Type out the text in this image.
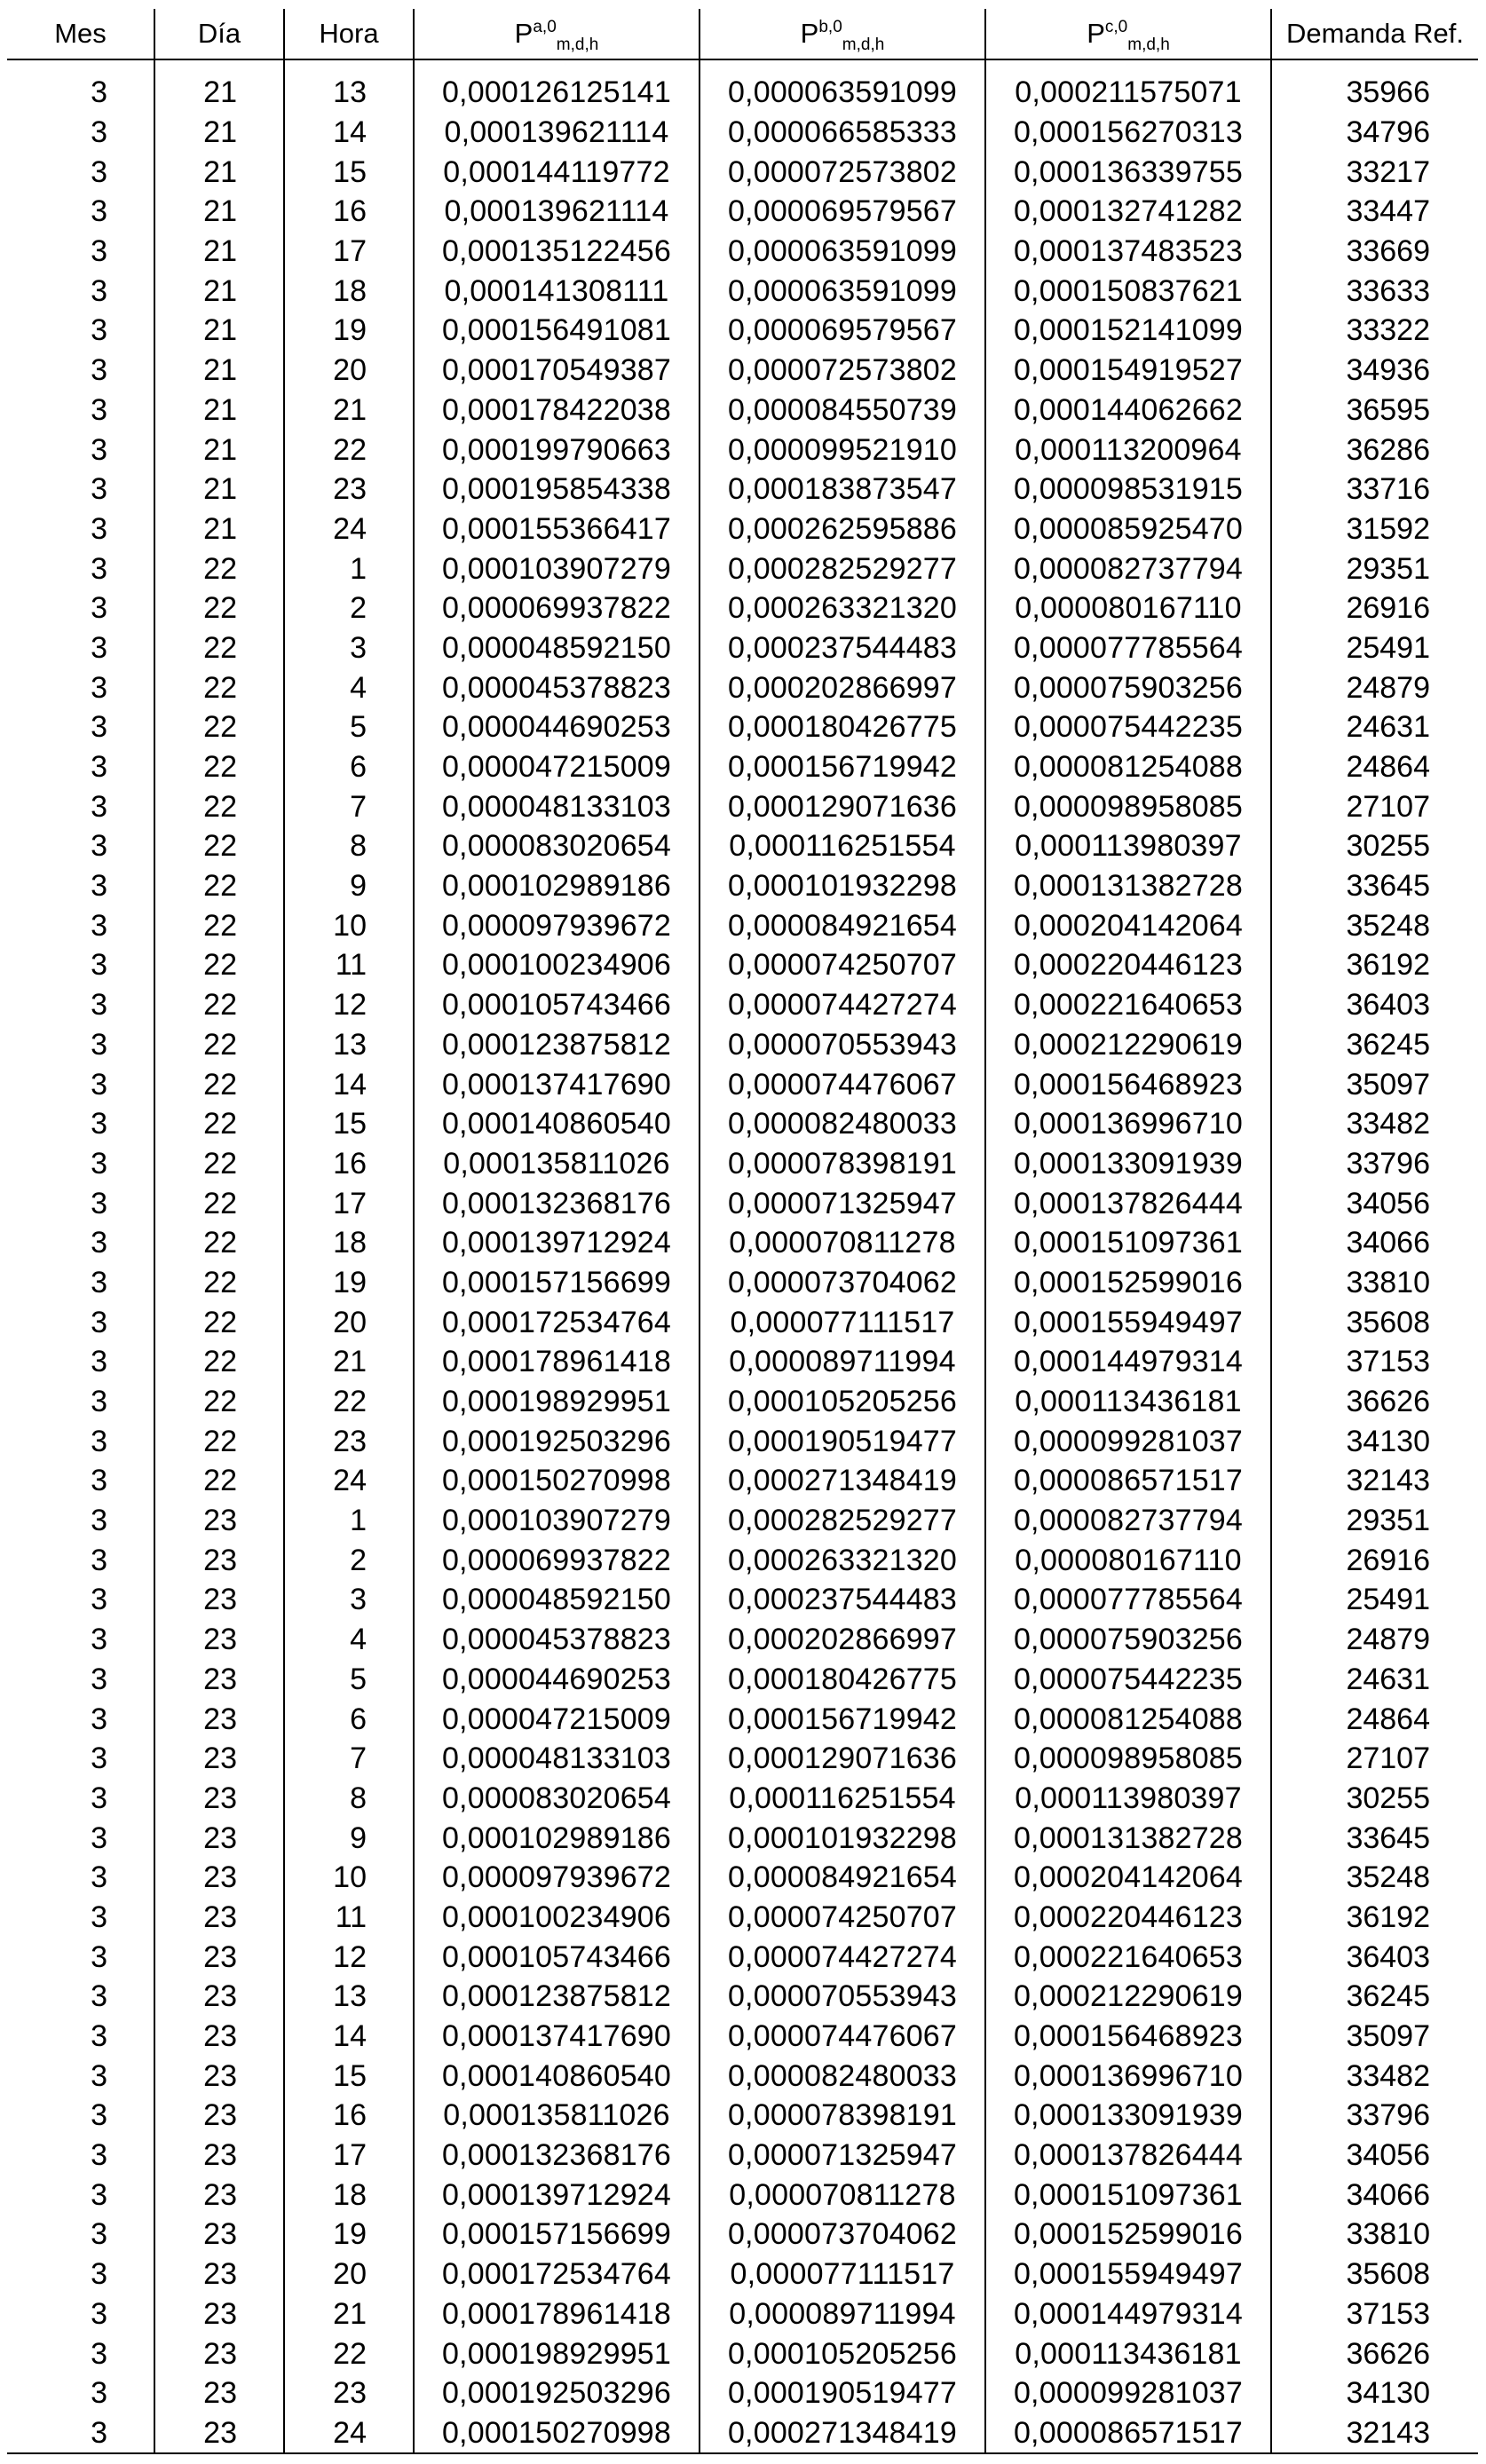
Mes	Día	Hora	P$^{a,0}_{m,d,h}$	P$^{b,0}_{m,d,h}$	P$^{c,0}_{m,d,h}$	Demanda Ref.
3	21	13	0,000126125141	0,000063591099	0,000211575071	35966
3	21	14	0,000139621114	0,000066585333	0,000156270313	34796
3	21	15	0,000144119772	0,000072573802	0,000136339755	33217
3	21	16	0,000139621114	0,000069579567	0,000132741282	33447
3	21	17	0,000135122456	0,000063591099	0,000137483523	33669
3	21	18	0,000141308111	0,000063591099	0,000150837621	33633
3	21	19	0,000156491081	0,000069579567	0,000152141099	33322
3	21	20	0,000170549387	0,000072573802	0,000154919527	34936
3	21	21	0,000178422038	0,000084550739	0,000144062662	36595
3	21	22	0,000199790663	0,000099521910	0,000113200964	36286
3	21	23	0,000195854338	0,000183873547	0,000098531915	33716
3	21	24	0,000155366417	0,000262595886	0,000085925470	31592
3	22	1	0,000103907279	0,000282529277	0,000082737794	29351
3	22	2	0,000069937822	0,000263321320	0,000080167110	26916
3	22	3	0,000048592150	0,000237544483	0,000077785564	25491
3	22	4	0,000045378823	0,000202866997	0,000075903256	24879
3	22	5	0,000044690253	0,000180426775	0,000075442235	24631
3	22	6	0,000047215009	0,000156719942	0,000081254088	24864
3	22	7	0,000048133103	0,000129071636	0,000098958085	27107
3	22	8	0,000083020654	0,000116251554	0,000113980397	30255
3	22	9	0,000102989186	0,000101932298	0,000131382728	33645
3	22	10	0,000097939672	0,000084921654	0,000204142064	35248
3	22	11	0,000100234906	0,000074250707	0,000220446123	36192
3	22	12	0,000105743466	0,000074427274	0,000221640653	36403
3	22	13	0,000123875812	0,000070553943	0,000212290619	36245
3	22	14	0,000137417690	0,000074476067	0,000156468923	35097
3	22	15	0,000140860540	0,000082480033	0,000136996710	33482
3	22	16	0,000135811026	0,000078398191	0,000133091939	33796
3	22	17	0,000132368176	0,000071325947	0,000137826444	34056
3	22	18	0,000139712924	0,000070811278	0,000151097361	34066
3	22	19	0,000157156699	0,000073704062	0,000152599016	33810
3	22	20	0,000172534764	0,000077111517	0,000155949497	35608
3	22	21	0,000178961418	0,000089711994	0,000144979314	37153
3	22	22	0,000198929951	0,000105205256	0,000113436181	36626
3	22	23	0,000192503296	0,000190519477	0,000099281037	34130
3	22	24	0,000150270998	0,000271348419	0,000086571517	32143
3	23	1	0,000103907279	0,000282529277	0,000082737794	29351
3	23	2	0,000069937822	0,000263321320	0,000080167110	26916
3	23	3	0,000048592150	0,000237544483	0,000077785564	25491
3	23	4	0,000045378823	0,000202866997	0,000075903256	24879
3	23	5	0,000044690253	0,000180426775	0,000075442235	24631
3	23	6	0,000047215009	0,000156719942	0,000081254088	24864
3	23	7	0,000048133103	0,000129071636	0,000098958085	27107
3	23	8	0,000083020654	0,000116251554	0,000113980397	30255
3	23	9	0,000102989186	0,000101932298	0,000131382728	33645
3	23	10	0,000097939672	0,000084921654	0,000204142064	35248
3	23	11	0,000100234906	0,000074250707	0,000220446123	36192
3	23	12	0,000105743466	0,000074427274	0,000221640653	36403
3	23	13	0,000123875812	0,000070553943	0,000212290619	36245
3	23	14	0,000137417690	0,000074476067	0,000156468923	35097
3	23	15	0,000140860540	0,000082480033	0,000136996710	33482
3	23	16	0,000135811026	0,000078398191	0,000133091939	33796
3	23	17	0,000132368176	0,000071325947	0,000137826444	34056
3	23	18	0,000139712924	0,000070811278	0,000151097361	34066
3	23	19	0,000157156699	0,000073704062	0,000152599016	33810
3	23	20	0,000172534764	0,000077111517	0,000155949497	35608
3	23	21	0,000178961418	0,000089711994	0,000144979314	37153
3	23	22	0,000198929951	0,000105205256	0,000113436181	36626
3	23	23	0,000192503296	0,000190519477	0,000099281037	34130
3	23	24	0,000150270998	0,000271348419	0,000086571517	32143
